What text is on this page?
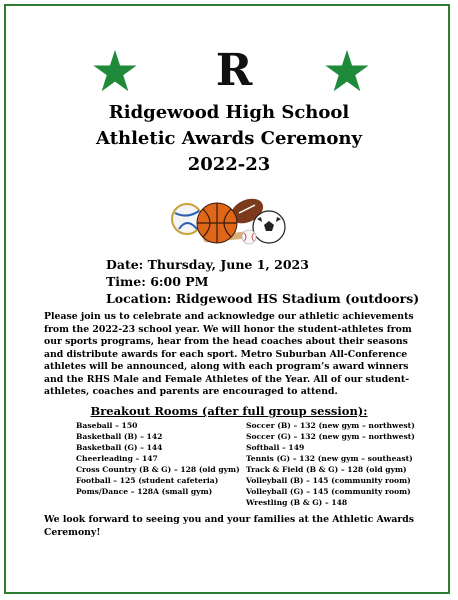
R
Ridgewood High School
Athletic Awards Ceremony
2022-23
Date: Thursday, June 1, 2023
Time: 6:00 PM
Location: Ridgewood HS Stadium (outdoors)
Please join us to celebrate and acknowledge our athletic achievements from the 2022-23 school year. We will honor the student-athletes from our sports programs, hear from the head coaches about their seasons and distribute awards for each sport. Metro Suburban All-Conference athletes will be announced, along with each program’s award winners and the RHS Male and Female Athletes of the Year. All of our student-athletes, coaches and parents are encouraged to attend.
Breakout Rooms (after full group session):
Baseball – 150
Basketball (B) – 142
Basketball (G) – 144
Cheerleading – 147
Cross Country (B & G) – 128 (old gym)
Football – 125 (student cafeteria)
Poms/Dance – 128A (small gym)
Soccer (B) – 132 (new gym – northwest)
Soccer (G) – 132 (new gym – northwest)
Softball – 149
Tennis (G) – 132 (new gym – southeast)
Track & Field (B & G) – 128 (old gym)
Volleyball (B) – 145 (community room)
Volleyball (G) – 145 (community room)
Wrestling (B & G) – 148
We look forward to seeing you and your families at the Athletic Awards Ceremony!
